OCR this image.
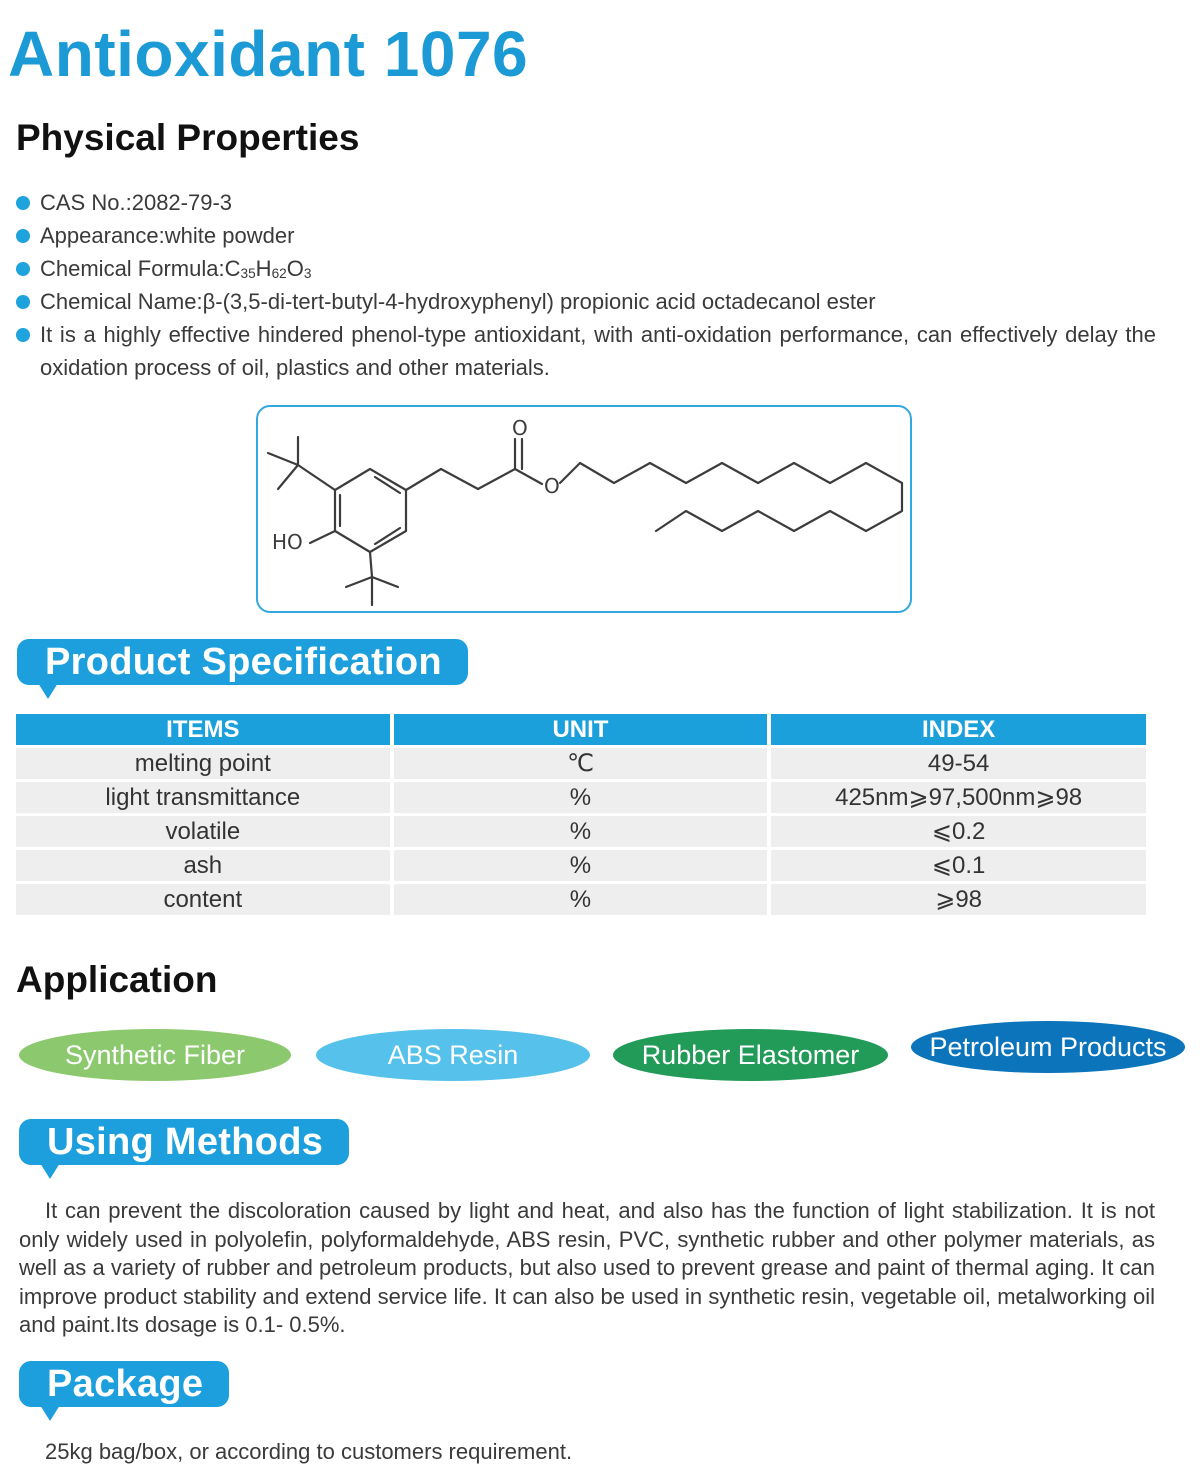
Antioxidant 1076
Physical Properties
CAS No.:2082-79-3
Appearance:white powder
Chemical $Formula:C_{35}H_{62}O_3$
Chemical Name:β-(3,5-di-tert-butyl-4-hydroxyphenyl) propionic acid octadecanol ester
It is a highly effective hindered phenol-type antioxidant, with anti-oxidation performance, can effectively delay the oxidation process of oil, plastics and other materials.
HO
O
O
Product Specification
ITEMS	UNIT	INDEX
melting point	℃	49-54
light transmittance	%	425nm⩾97,500nm⩾98
volatile	%	⩽0.2
ash	%	⩽0.1
content	%	⩾98
Application
Synthetic Fiber	ABS Resin	Rubber Elastomer	Petroleum Products
Using Methods

It can prevent the discoloration caused by light and heat, and also has the function of light stabilization. It is not only widely used in polyolefin, polyformaldehyde, ABS resin, PVC, synthetic rubber and other polymer materials, as well as a variety of rubber and petroleum products, but also used to prevent grease and paint of thermal aging. It can improve product stability and extend service life. It can also be used in synthetic resin, vegetable oil, metalworking oil and paint.Its dosage is 0.1- 0.5%.

Package

25kg bag/box, or according to customers requirement.
